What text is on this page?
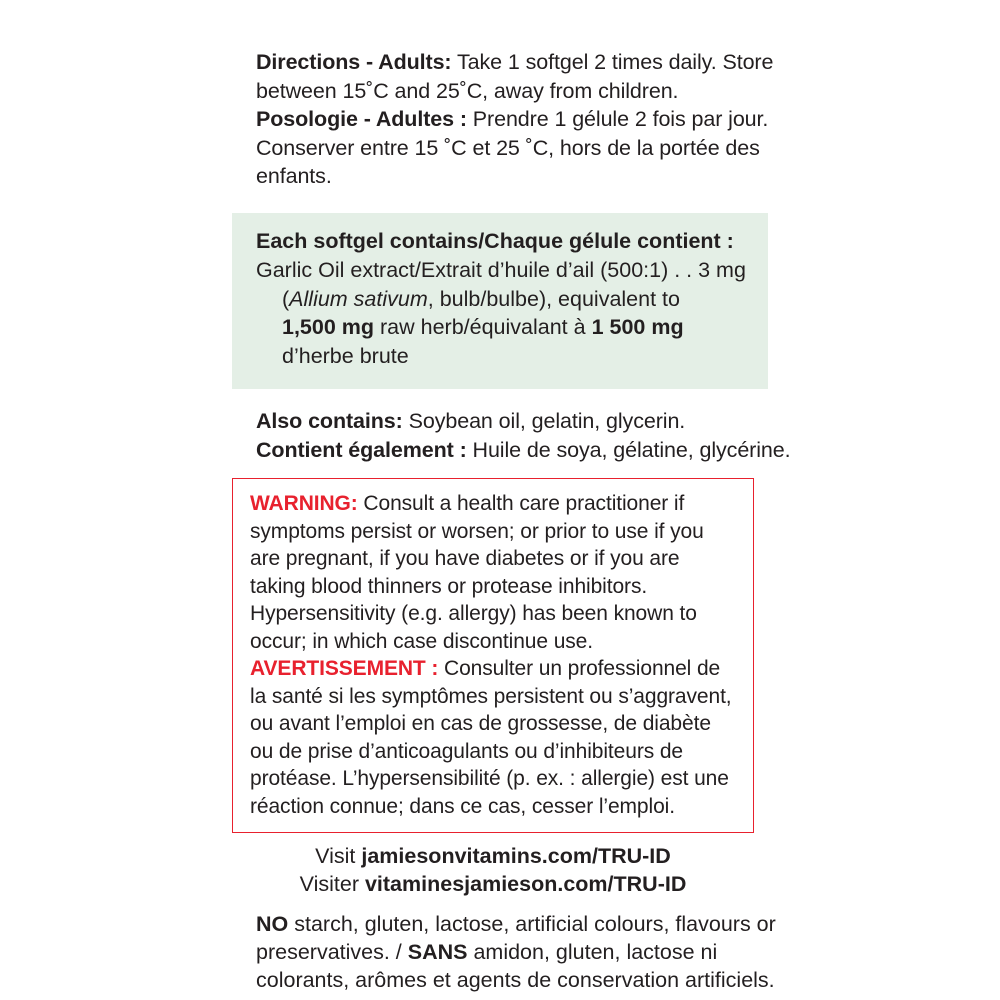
Directions - Adults: Take 1 softgel 2 times daily. Store between 15˚C and 25˚C, away from children.

Posologie - Adultes : Prendre 1 gélule 2 fois par jour. Conserver entre 15 ˚C et 25 ˚C, hors de la portée des enfants.

Each softgel contains/Chaque gélule contient :

Garlic Oil extract/Extrait d’huile d’ail (500:1) . . 3 mg

(Allium sativum, bulb/bulbe), equivalent to

1,500 mg raw herb/équivalant à 1 500 mg

d’herbe brute

Also contains: Soybean oil, gelatin, glycerin.

Contient également : Huile de soya, gélatine, glycérine.

WARNING: Consult a health care practitioner if symptoms persist or worsen; or prior to use if you are pregnant, if you have diabetes or if you are taking blood thinners or protease inhibitors. Hypersensitivity (e.g. allergy) has been known to occur; in which case discontinue use.

AVERTISSEMENT : Consulter un professionnel de la santé si les symptômes persistent ou s’aggravent, ou avant l’emploi en cas de grossesse, de diabète ou de prise d’anticoagulants ou d’inhibiteurs de protéase. L’hypersensibilité (p. ex. : allergie) est une réaction connue; dans ce cas, cesser l’emploi.

Visit jamiesonvitamins.com/TRU-ID

Visiter vitaminesjamieson.com/TRU-ID

NO starch, gluten, lactose, artificial colours, flavours or preservatives. / SANS amidon, gluten, lactose ni colorants, arômes et agents de conservation artificiels.
